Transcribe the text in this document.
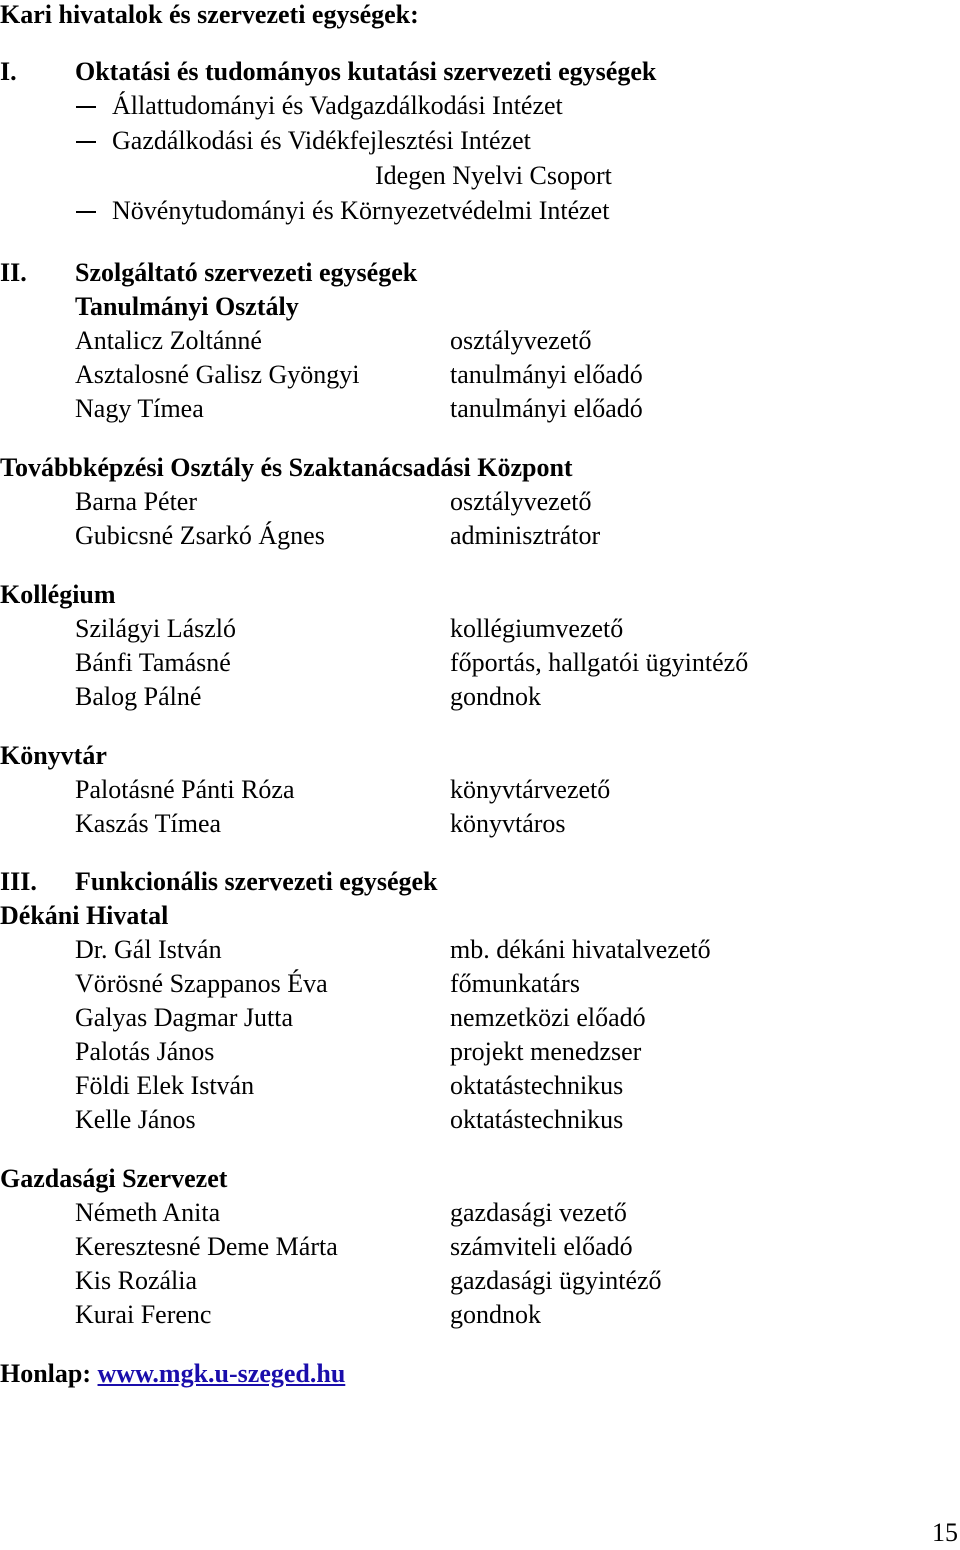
Kari hivatalok és szervezeti egységek:
I. Oktatási és tudományos kutatási szervezeti egységek
Állattudományi és Vadgazdálkodási Intézet
Gazdálkodási és Vidékfejlesztési Intézet
Idegen Nyelvi Csoport
Növénytudományi és Környezetvédelmi Intézet
II. Szolgáltató szervezeti egységek
Tanulmányi Osztály
Antalicz Zoltánné	osztályvezető
Asztalosné Galisz Gyöngyi	tanulmányi előadó
Nagy Tímea	tanulmányi előadó
Továbbképzési Osztály és Szaktanácsadási Központ
Barna Péter	osztályvezető
Gubicsné Zsarkó Ágnes	adminisztrátor
Kollégium
Szilágyi László	kollégiumvezető
Bánfi Tamásné	főportás, hallgatói ügyintéző
Balog Pálné	gondnok
Könyvtár
Palotásné Pánti Róza	könyvtárvezető
Kaszás Tímea	könyvtáros
III. Funkcionális szervezeti egységek
Dékáni Hivatal
Dr. Gál István	mb. dékáni hivatalvezető
Vörösné Szappanos Éva	főmunkatárs
Galyas Dagmar Jutta	nemzetközi előadó
Palotás János	projekt menedzser
Földi Elek István	oktatástechnikus
Kelle János	oktatástechnikus
Gazdasági Szervezet
Németh Anita	gazdasági vezető
Keresztesné Deme Márta	számviteli előadó
Kis Rozália	gazdasági ügyintéző
Kurai Ferenc	gondnok
Honlap: www.mgk.u-szeged.hu
15
